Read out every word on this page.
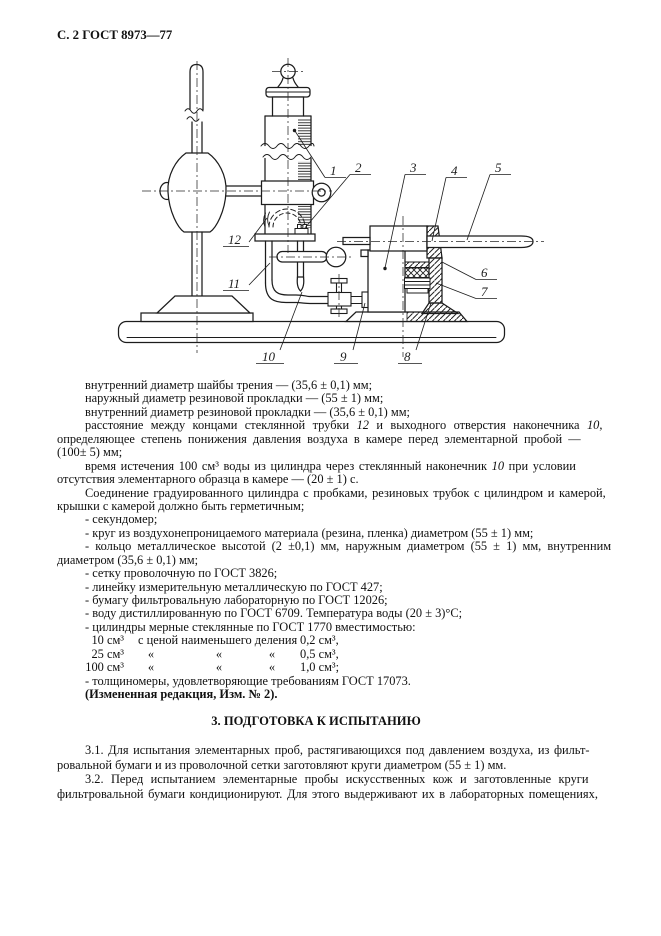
С. 2 ГОСТ 8973—77
1 2	3	4	5
6
7
8
9
10
11
12
внутренний диаметр шайбы трения — (35,6 ± 0,1) мм;
наружный диаметр резиновой прокладки — (55 ± 1) мм;
внутренний диаметр резиновой прокладки — (35,6 ± 0,1) мм;
расстояние между концами стеклянной трубки 12 и выходного отверстия наконечника 10,
определяющее степень понижения давления воздуха в камере перед элементарной пробой —
(100± 5) мм;
время истечения 100 см³ воды из цилиндра через стеклянный наконечник 10 при условии
отсутствия элементарного образца в камере — (20 ± 1) с.
Соединение градуированного цилиндра с пробками, резиновых трубок с цилиндром и камерой,
крышки с камерой должно быть герметичным;
- секундомер;
- круг из воздухонепроницаемого материала (резина, пленка) диаметром (55 ± 1) мм;
- кольцо металлическое высотой (2 ±0,1) мм, наружным диаметром (55 ± 1) мм, внутренним
диаметром (35,6 ± 0,1) мм;
- сетку проволочную по ГОСТ 3826;
- линейку измерительную металлическую по ГОСТ 427;
- бумагу фильтровальную лабораторную по ГОСТ 12026;
- воду дистиллированную по ГОСТ 6709. Температура воды (20 ± 3)°С;
- цилиндры мерные стеклянные по ГОСТ 1770 вместимостью:
10 см³ с ценой наименьшего деления 0,2 см³,
25 см³	«	«	«	0,5 см³,
100 см³	«	«	«	1,0 см³;
- толщиномеры, удовлетворяющие требованиям ГОСТ 17073.
(Измененная редакция, Изм. № 2).
3. ПОДГОТОВКА К ИСПЫТАНИЮ
3.1. Для испытания элементарных проб, растягивающихся под давлением воздуха, из фильт-
ровальной бумаги и из проволочной сетки заготовляют круги диаметром (55 ± 1) мм.
3.2. Перед испытанием элементарные пробы искусственных кож и заготовленные круги
фильтровальной бумаги кондиционируют. Для этого выдерживают их в лабораторных помещениях,
